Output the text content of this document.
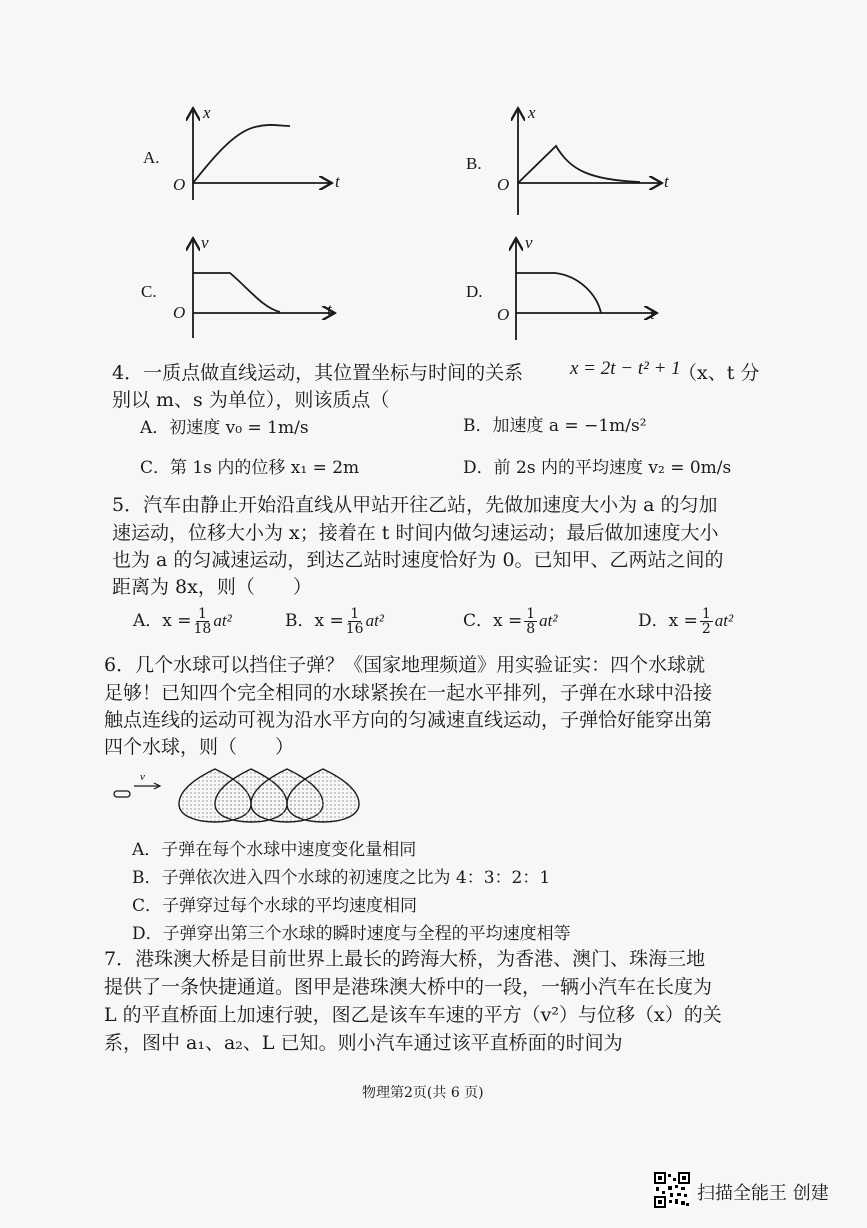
A.
x
t
O
B.
x
t
O
C.
v
t
O
D.
v
t
O
4．一质点做直线运动，其位置坐标与时间的关系 x = 2t − t² + 1
（x、t 分
别以 m、s 为单位），则该质点（
A．初速度 v₀ = 1m/s	B．加速度 a = −1m/s²
C．第 1s 内的位移 x₁ = 2m	D．前 2s 内的平均速度 v₂ = 0m/s
5．汽车由静止开始沿直线从甲站开往乙站，先做加速度大小为 a 的匀加
速运动，位移大小为 x；接着在 t 时间内做匀速运动；最后做加速度大小
也为 a 的匀减速运动，到达乙站时速度恰好为 0。已知甲、乙两站之间的
距离为 8x，则（　　）
A．$x = \frac{1}{18} at^2$	B．$x = \frac{1}{16} at^2$	C．$x = \frac{1}{8} at^2$	D．$x = \frac{1}{2} at^2$
6．几个水球可以挡住子弹？《国家地理频道》用实验证实：四个水球就
足够！已知四个完全相同的水球紧挨在一起水平排列，子弹在水球中沿接
触点连线的运动可视为沿水平方向的匀减速直线运动，子弹恰好能穿出第
四个水球，则（　　）
v
A．子弹在每个水球中速度变化量相同
B．子弹依次进入四个水球的初速度之比为 4：3：2：1
C．子弹穿过每个水球的平均速度相同
D．子弹穿出第三个水球的瞬时速度与全程的平均速度相等
7．港珠澳大桥是目前世界上最长的跨海大桥，为香港、澳门、珠海三地
提供了一条快捷通道。图甲是港珠澳大桥中的一段，一辆小汽车在长度为
L 的平直桥面上加速行驶，图乙是该车车速的平方（v²）与位移（x）的关
系，图中 a₁、a₂、L 已知。则小汽车通过该平直桥面的时间为
物理第2页(共 6 页)
扫描全能王 创建
